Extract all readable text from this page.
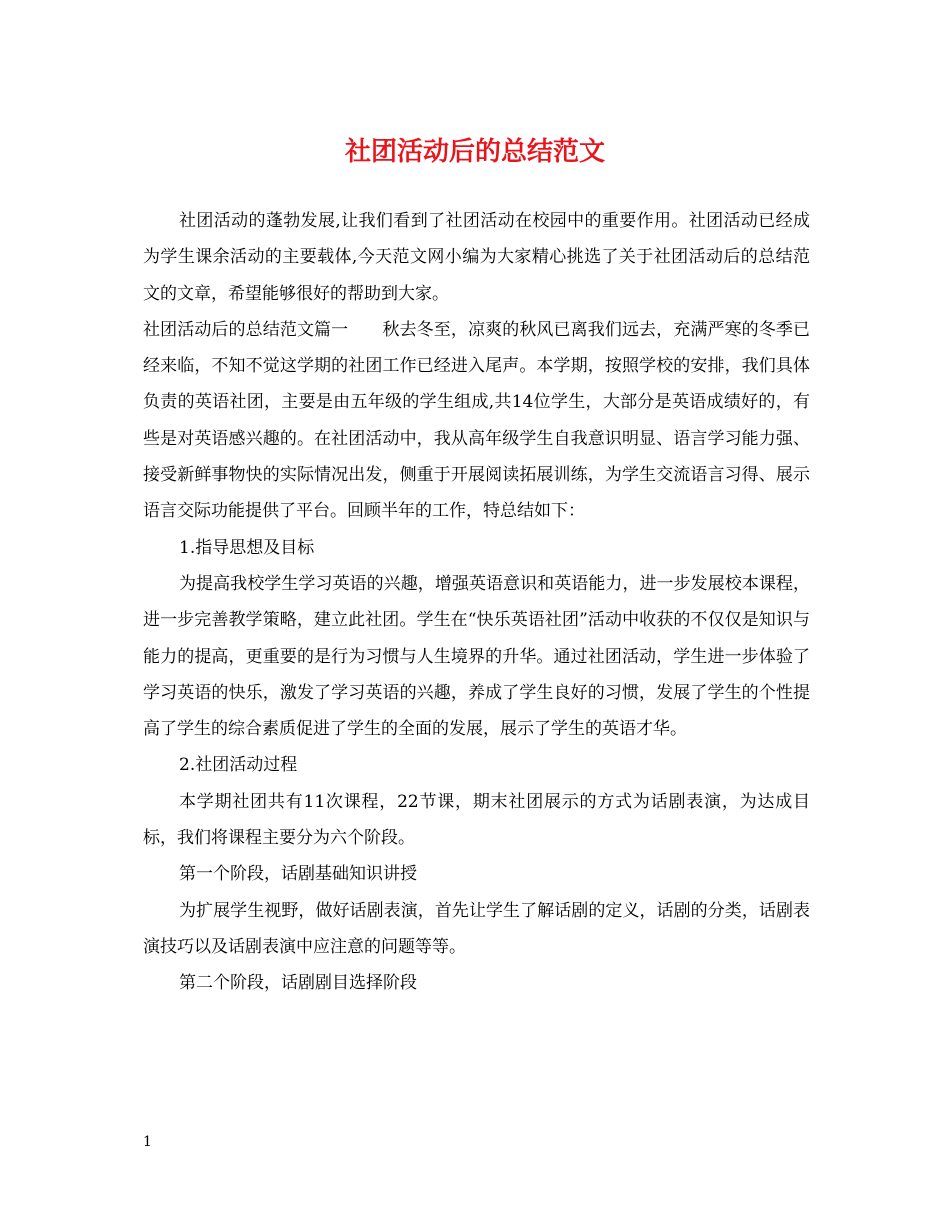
社团活动后的总结范文

社团活动的蓬勃发展,让我们看到了社团活动在校园中的重要作用。社团活动已经成为学生课余活动的主要载体,今天范文网小编为大家精心挑选了关于社团活动后的总结范文的文章，希望能够很好的帮助到大家。

社团活动后的总结范文篇一　　秋去冬至，凉爽的秋风已离我们远去，充满严寒的冬季已经来临，不知不觉这学期的社团工作已经进入尾声。本学期，按照学校的安排，我们具体负责的英语社团，主要是由五年级的学生组成,共14位学生，大部分是英语成绩好的，有些是对英语感兴趣的。在社团活动中，我从高年级学生自我意识明显、语言学习能力强、接受新鲜事物快的实际情况出发，侧重于开展阅读拓展训练，为学生交流语言习得、展示语言交际功能提供了平台。回顾半年的工作，特总结如下：

1.指导思想及目标

为提高我校学生学习英语的兴趣，增强英语意识和英语能力，进一步发展校本课程，进一步完善教学策略，建立此社团。学生在“快乐英语社团”活动中收获的不仅仅是知识与能力的提高，更重要的是行为习惯与人生境界的升华。通过社团活动，学生进一步体验了学习英语的快乐，激发了学习英语的兴趣，养成了学生良好的习惯，发展了学生的个性提高了学生的综合素质促进了学生的全面的发展，展示了学生的英语才华。

2.社团活动过程

本学期社团共有11次课程，22节课，期末社团展示的方式为话剧表演，为达成目标，我们将课程主要分为六个阶段。

第一个阶段，话剧基础知识讲授

为扩展学生视野，做好话剧表演，首先让学生了解话剧的定义，话剧的分类，话剧表演技巧以及话剧表演中应注意的问题等等。

第二个阶段，话剧剧目选择阶段

1
